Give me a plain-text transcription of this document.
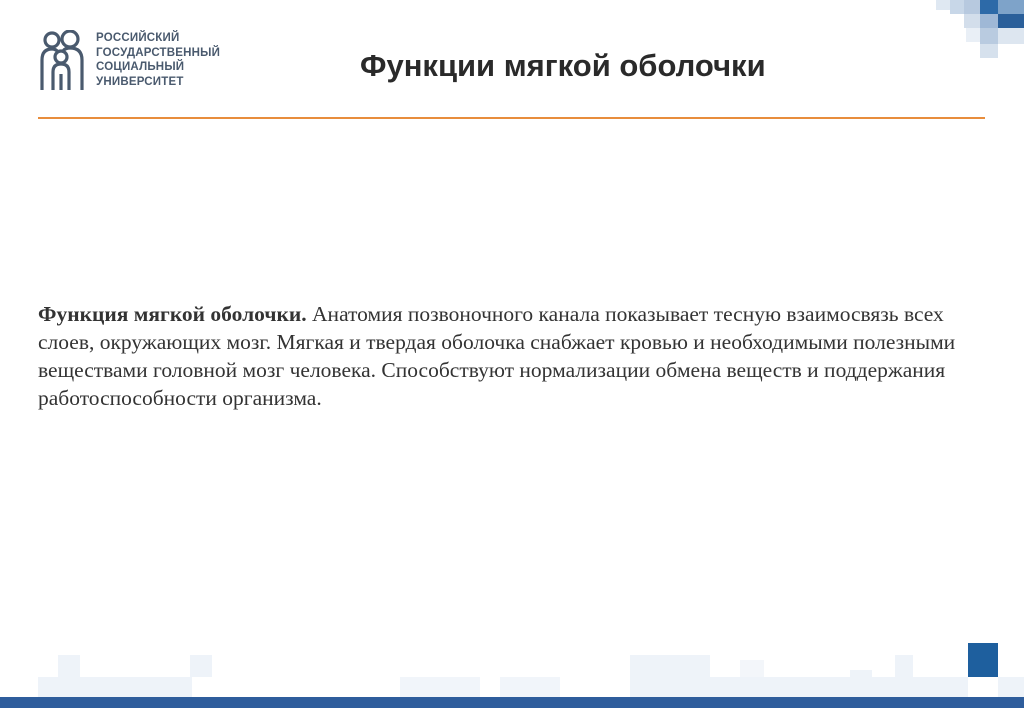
РОССИЙСКИЙ
ГОСУДАРСТВЕННЫЙ
СОЦИАЛЬНЫЙ
УНИВЕРСИТЕТ	Функции мягкой оболочки
Функция мягкой оболочки. Анатомия позвоночного канала показывает тесную взаимосвязь всех слоев, окружающих мозг. Мягкая и твердая оболочка снабжает кровью и необходимыми полезными веществами головной мозг человека. Способствуют нормализации обмена веществ и поддержания работоспособности организма.
